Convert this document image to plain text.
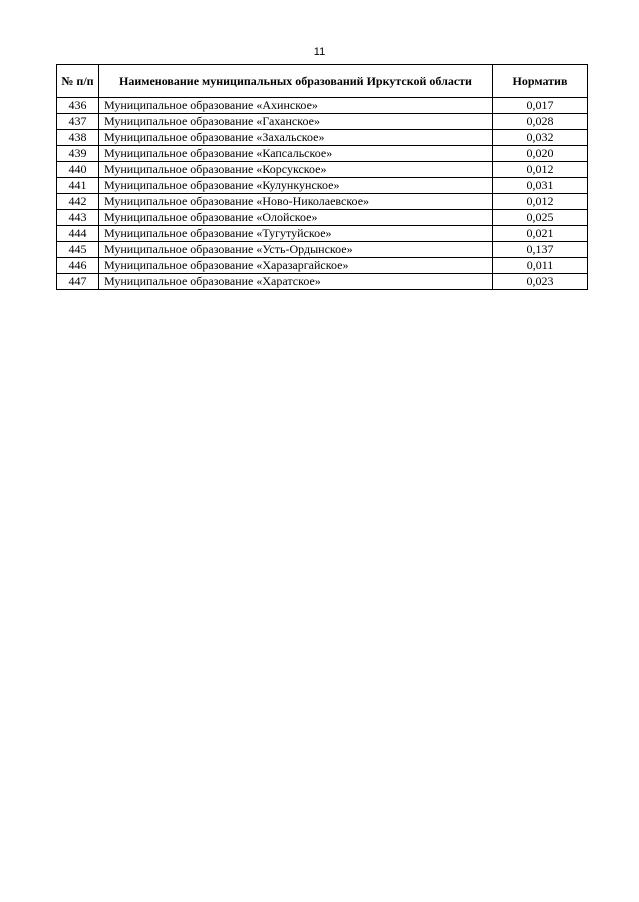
11
№ п/п	Наименование муниципальных образований Иркутской области	Норматив
436	Муниципальное образование «Ахинское»	0,017
437	Муниципальное образование «Гаханское»	0,028
438	Муниципальное образование «Захальское»	0,032
439	Муниципальное образование «Капсальское»	0,020
440	Муниципальное образование «Корсукское»	0,012
441	Муниципальное образование «Кулункунское»	0,031
442	Муниципальное образование «Ново-Николаевское»	0,012
443	Муниципальное образование «Олойское»	0,025
444	Муниципальное образование «Тугутуйское»	0,021
445	Муниципальное образование «Усть-Ордынское»	0,137
446	Муниципальное образование «Харазаргайское»	0,011
447	Муниципальное образование «Харатское»	0,023
